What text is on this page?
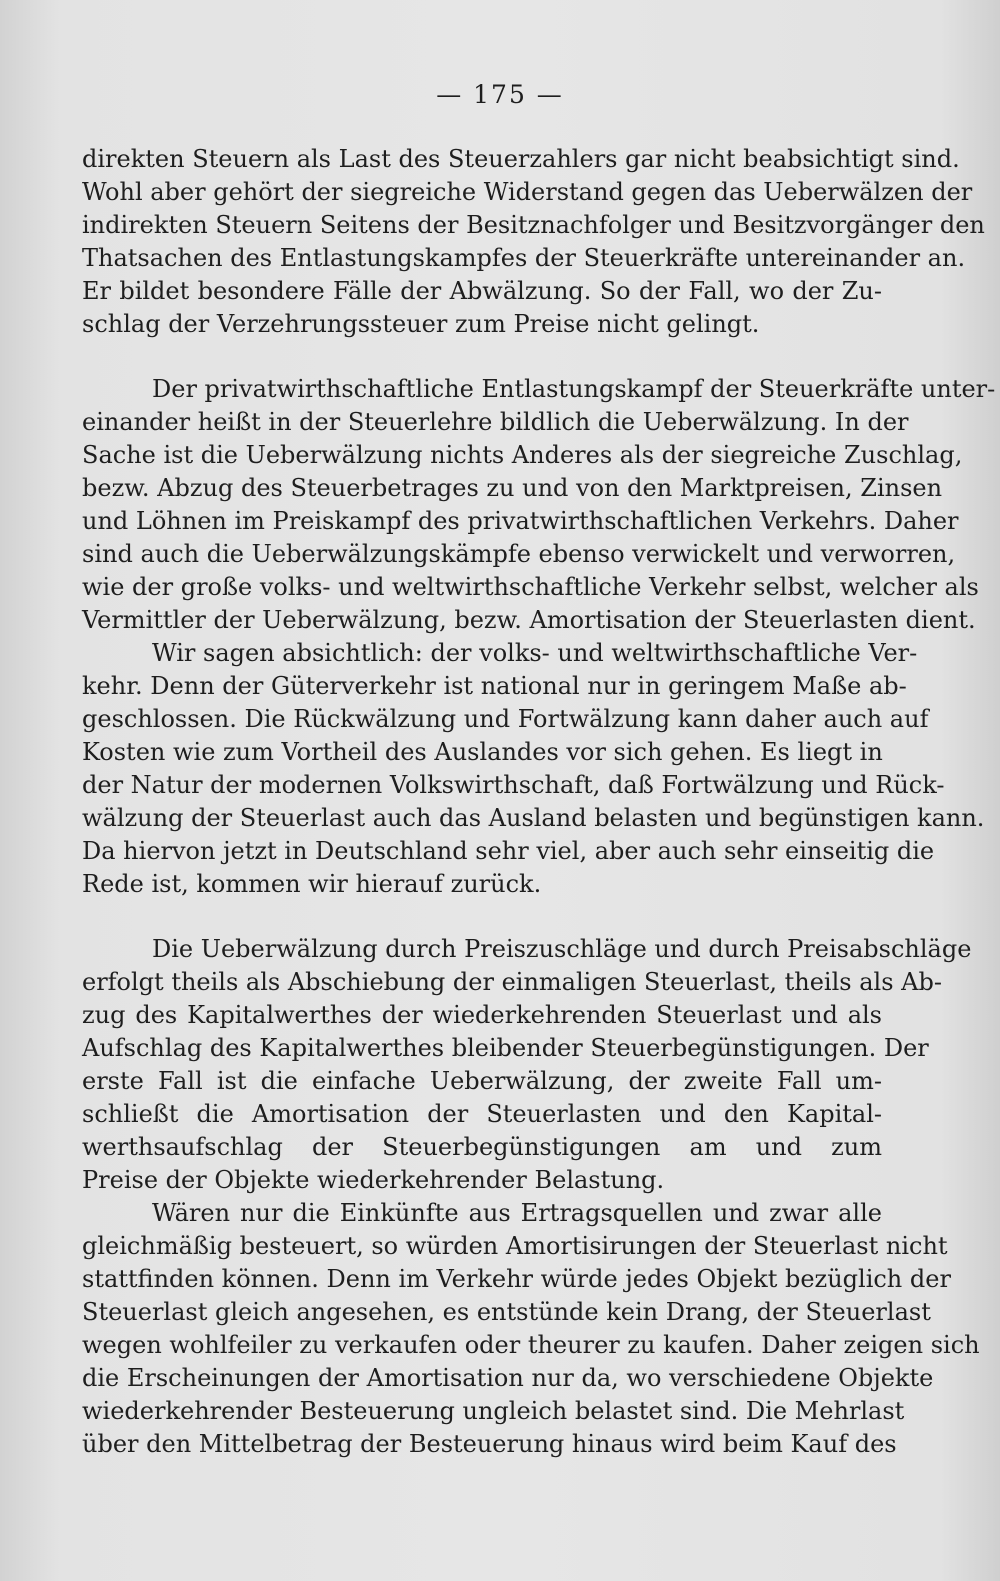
— 175 —
direkten Steuern als Last des Steuerzahlers gar nicht beabsichtigt sind.
Wohl aber gehört der siegreiche Widerstand gegen das Ueberwälzen der
indirekten Steuern Seitens der Besitznachfolger und Besitzvorgänger den
Thatsachen des Entlastungskampfes der Steuerkräfte untereinander an.
Er bildet besondere Fälle der Abwälzung. So der Fall, wo der Zu-
schlag der Verzehrungssteuer zum Preise nicht gelingt.
Der privatwirthschaftliche Entlastungskampf der Steuerkräfte unter-
einander heißt in der Steuerlehre bildlich die Ueberwälzung. In der
Sache ist die Ueberwälzung nichts Anderes als der siegreiche Zuschlag,
bezw. Abzug des Steuerbetrages zu und von den Marktpreisen, Zinsen
und Löhnen im Preiskampf des privatwirthschaftlichen Verkehrs. Daher
sind auch die Ueberwälzungskämpfe ebenso verwickelt und verworren,
wie der große volks- und weltwirthschaftliche Verkehr selbst, welcher als
Vermittler der Ueberwälzung, bezw. Amortisation der Steuerlasten dient.
Wir sagen absichtlich: der volks- und weltwirthschaftliche Ver-
kehr. Denn der Güterverkehr ist national nur in geringem Maße ab-
geschlossen. Die Rückwälzung und Fortwälzung kann daher auch auf
Kosten wie zum Vortheil des Auslandes vor sich gehen. Es liegt in
der Natur der modernen Volkswirthschaft, daß Fortwälzung und Rück-
wälzung der Steuerlast auch das Ausland belasten und begünstigen kann.
Da hiervon jetzt in Deutschland sehr viel, aber auch sehr einseitig die
Rede ist, kommen wir hierauf zurück.
Die Ueberwälzung durch Preiszuschläge und durch Preisabschläge
erfolgt theils als Abschiebung der einmaligen Steuerlast, theils als Ab-
zug des Kapitalwerthes der wiederkehrenden Steuerlast und als
Aufschlag des Kapitalwerthes bleibender Steuerbegünstigungen. Der
erste Fall ist die einfache Ueberwälzung, der zweite Fall um-
schließt die Amortisation der Steuerlasten und den Kapital-
werthsaufschlag der Steuerbegünstigungen am und zum
Preise der Objekte wiederkehrender Belastung.
Wären nur die Einkünfte aus Ertragsquellen und zwar alle
gleichmäßig besteuert, so würden Amortisirungen der Steuerlast nicht
stattfinden können. Denn im Verkehr würde jedes Objekt bezüglich der
Steuerlast gleich angesehen, es entstünde kein Drang, der Steuerlast
wegen wohlfeiler zu verkaufen oder theurer zu kaufen. Daher zeigen sich
die Erscheinungen der Amortisation nur da, wo verschiedene Objekte
wiederkehrender Besteuerung ungleich belastet sind. Die Mehrlast
über den Mittelbetrag der Besteuerung hinaus wird beim Kauf des
